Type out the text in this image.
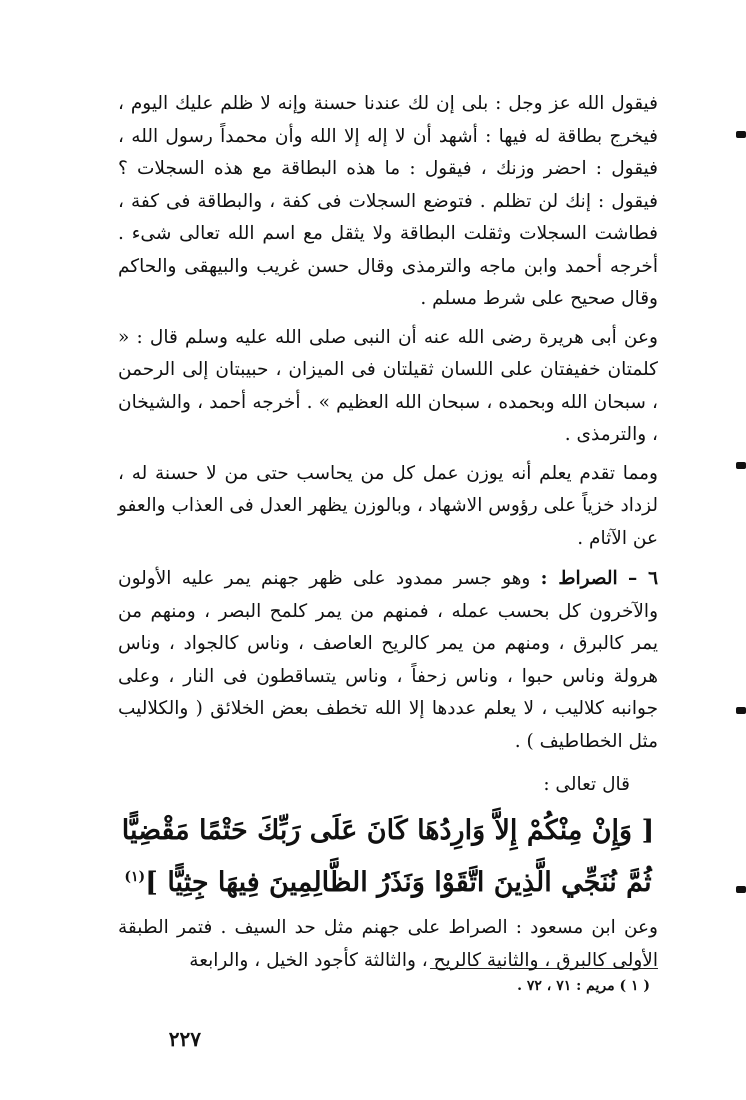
فيقول الله عز وجل : بلى إن لك عندنا حسنة وإنه لا ظلم عليك اليوم ، فيخرج بطاقة له فيها : أشهد أن لا إله إلا الله وأن محمداً رسول الله ، فيقول : احضر وزنك ، فيقول : ما هذه البطاقة مع هذه السجلات ؟ فيقول : إنك لن تظلم . فتوضع السجلات فى كفة ، والبطاقة فى كفة ، فطاشت السجلات وثقلت البطاقة ولا يثقل مع اسم الله تعالى شىء . أخرجه أحمد وابن ماجه والترمذى وقال حسن غريب والبيهقى والحاكم وقال صحيح على شرط مسلم .

وعن أبى هريرة رضى الله عنه أن النبى صلى الله عليه وسلم قال : « كلمتان خفيفتان على اللسان ثقيلتان فى الميزان ، حبيبتان إلى الرحمن ، سبحان الله وبحمده ، سبحان الله العظيم » . أخرجه أحمد ، والشيخان ، والترمذى .

ومما تقدم يعلم أنه يوزن عمل كل من يحاسب حتى من لا حسنة له ، لزداد خزياً على رؤوس الاشهاد ، وبالوزن يظهر العدل فى العذاب والعفو عن الآثام .

٦ – الصراط : وهو جسر ممدود على ظهر جهنم يمر عليه الأولون والآخرون كل بحسب عمله ، فمنهم من يمر كلمح البصر ، ومنهم من يمر كالبرق ، ومنهم من يمر كالريح العاصف ، وناس كالجواد ، وناس هرولة وناس حبوا ، وناس زحفاً ، وناس يتساقطون فى النار ، وعلى جوانبه كلاليب ، لا يعلم عددها إلا الله تخطف بعض الخلائق ( والكلاليب مثل الخطاطيف ) .

قال تعالى :
[ وَإِنْ مِنْكُمْ إِلاَّ وَارِدُهَا كَانَ عَلَى رَبِّكَ حَتْمًا مَقْضِيًّا
ثُمَّ نُنَجِّي الَّذِينَ اتَّقَوْا وَنَذَرُ الظَّالِمِينَ فِيهَا جِثِيًّا ]$^{(١)}$

وعن ابن مسعود : الصراط على جهنم مثل حد السيف . فتمر الطبقة الأولى كالبرق ، والثانية كالريح ، والثالثة كأجود الخيل ، والرابعة

( ١ ) مريم : ٧١ ، ٧٢ .
٢٢٧
